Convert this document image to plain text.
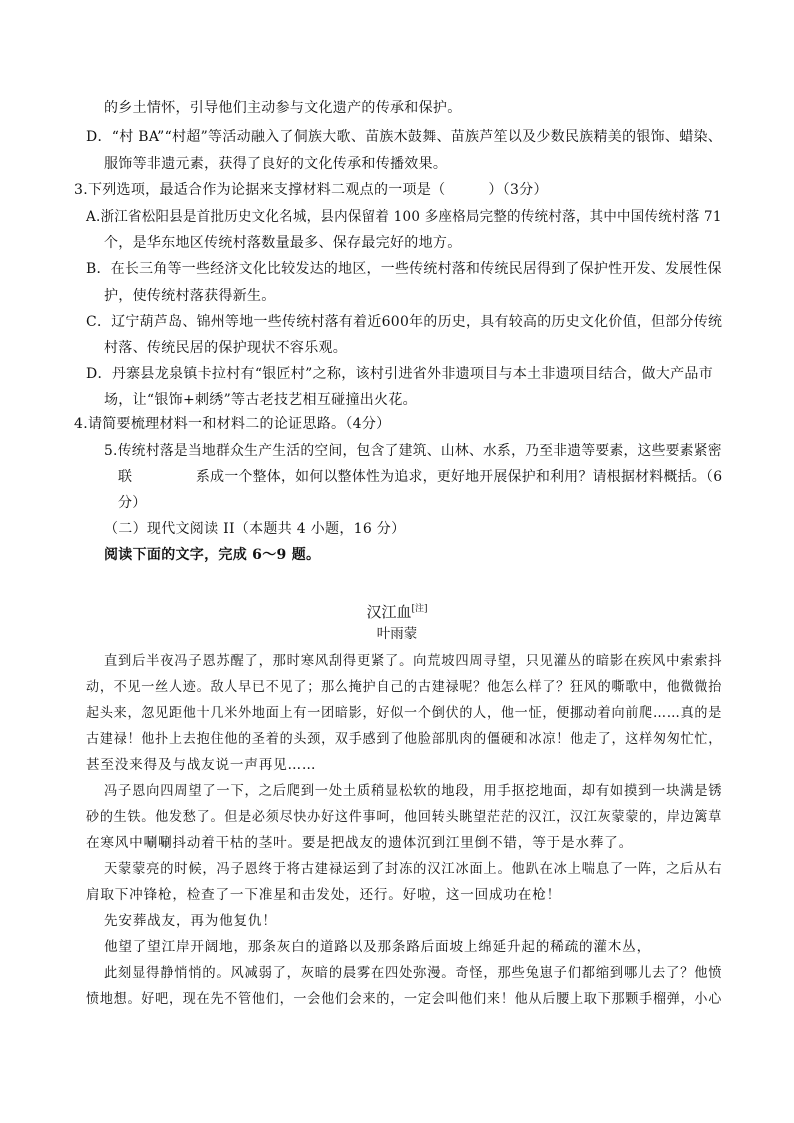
的乡土情怀，引导他们主动参与文化遗产的传承和保护。
D．“村 BA”“村超”等活动融入了侗族大歌、苗族木鼓舞、苗族芦笙以及少数民族精美的银饰、蜡染、
服饰等非遗元素，获得了良好的文化传承和传播效果。
3.下列选项，最适合作为论据来支撑材料二观点的一项是（　　　）（3分）
A.浙江省松阳县是首批历史文化名城，县内保留着 100 多座格局完整的传统村落，其中中国传统村落 71
个，是华东地区传统村落数量最多、保存最完好的地方。
B．在长三角等一些经济文化比较发达的地区，一些传统村落和传统民居得到了保护性开发、发展性保
护，使传统村落获得新生。
C．辽宁葫芦岛、锦州等地一些传统村落有着近600年的历史，具有较高的历史文化价值，但部分传统
村落、传统民居的保护现状不容乐观。
D．丹寨县龙泉镇卡拉村有“银匠村”之称，该村引进省外非遗项目与本土非遗项目结合，做大产品市
场，让“银饰+刺绣”等古老技艺相互碰撞出火花。
4.请简要梳理材料一和材料二的论证思路。（4分）
5.传统村落是当地群众生产生活的空间，包含了建筑、山林、水系，乃至非遗等要素，这些要素紧密
联	系成一个整体，如何以整体性为追求，更好地开展保护和利用？请根据材料概括。（6
分）
（二）现代文阅读 II（本题共 4 小题，16 分）
阅读下面的文字，完成 6～9 题。
汉江血[注]
叶雨蒙
直到后半夜冯子恩苏醒了，那时寒风刮得更紧了。向荒坡四周寻望，只见灌丛的暗影在疾风中索索抖
动，不见一丝人迹。敌人早已不见了；那么掩护自己的古建禄呢？他怎么样了？狂风的嘶歌中，他微微抬
起头来，忽见距他十几米外地面上有一团暗影，好似一个倒伏的人，他一怔，便挪动着向前爬……真的是
古建禄！他扑上去抱住他的圣着的头颈，双手感到了他脸部肌肉的僵硬和冰凉！他走了，这样匆匆忙忙，
甚至没来得及与战友说一声再见……
冯子恩向四周望了一下，之后爬到一处土质稍显松软的地段，用手抠挖地面，却有如摸到一块满是锈
砂的生铁。他发愁了。但是必须尽快办好这件事呵，他回转头眺望茫茫的汉江，汉江灰蒙蒙的，岸边篱草
在寒风中唰唰抖动着干枯的茎叶。要是把战友的遗体沉到江里倒不错，等于是水葬了。
天蒙蒙亮的时候，冯子恩终于将古建禄运到了封冻的汉江冰面上。他趴在冰上喘息了一阵，之后从右
肩取下冲锋枪，检查了一下准星和击发处，还行。好啦，这一回成功在枪！
先安葬战友，再为他复仇！
他望了望江岸开阔地，那条灰白的道路以及那条路后面坡上绵延升起的稀疏的灌木丛，
此刻显得静悄悄的。风减弱了，灰暗的晨雾在四处弥漫。奇怪，那些兔崽子们都缩到哪儿去了？他愤
愤地想。好吧，现在先不管他们，一会他们会来的，一定会叫他们来！他从后腰上取下那颗手榴弹，小心
